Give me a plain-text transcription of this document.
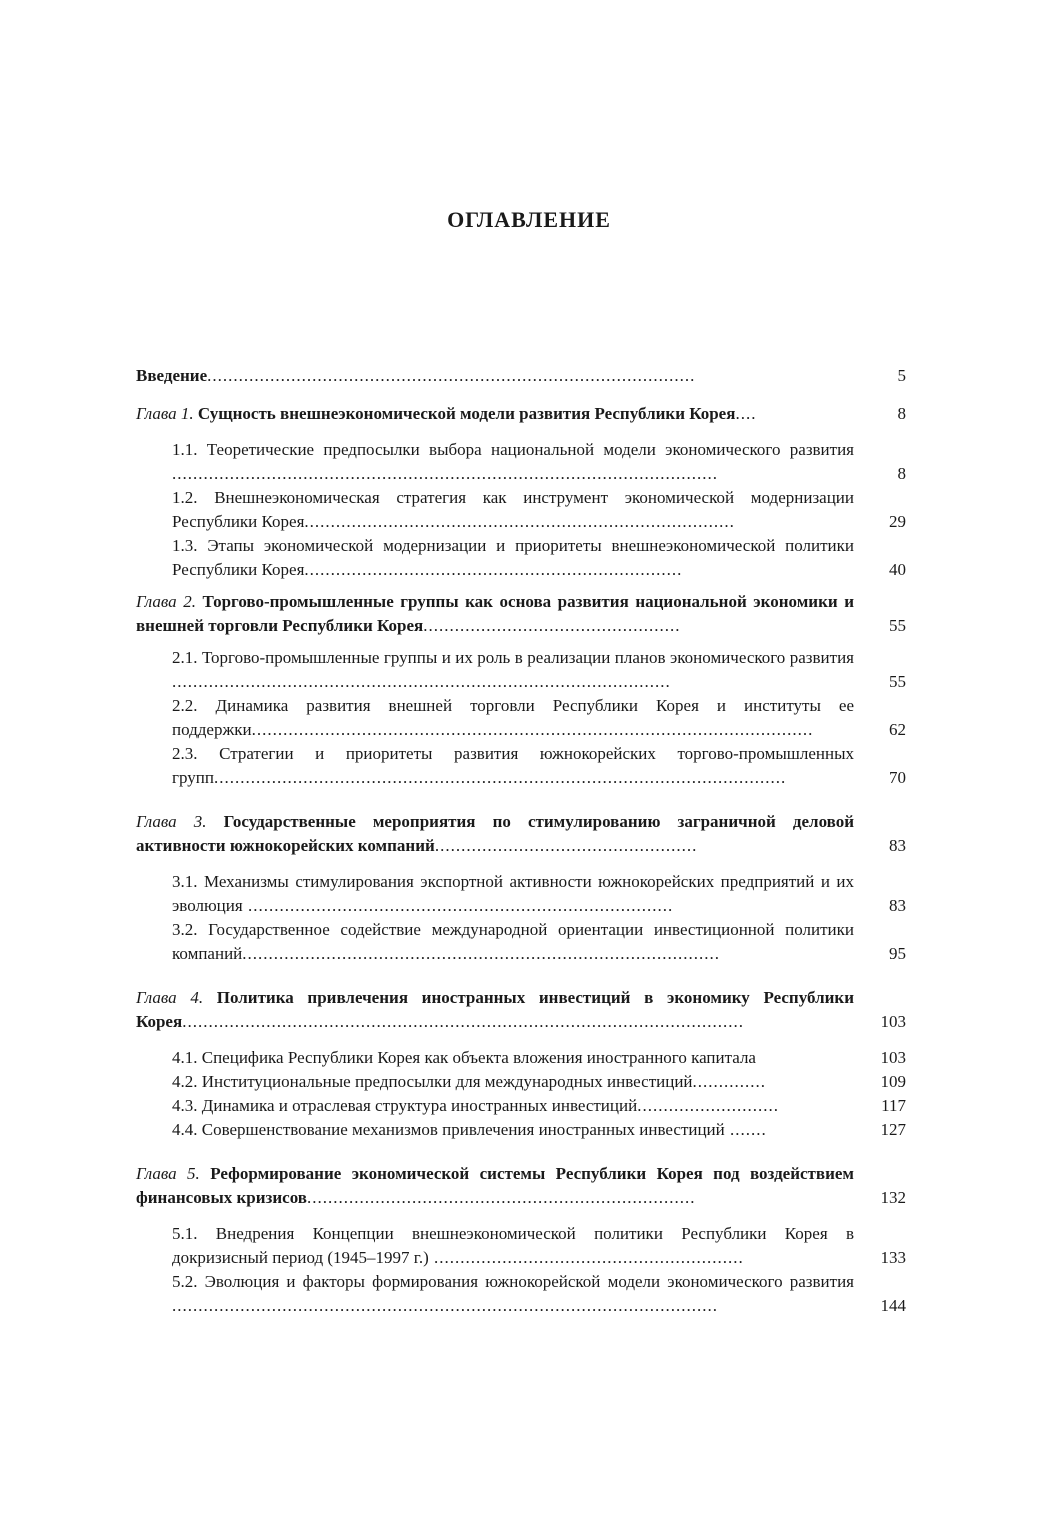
ОГЛАВЛЕНИЕ
Введение.............................................................................................	5
Глава 1. Сущность внешнеэкономической модели развития Республики Корея....	8
1.1. Теоретические предпосылки выбора национальной модели экономического развития ........................................................................................................	8
1.2. Внешнеэкономическая стратегия как инструмент экономической модернизации Республики Корея..................................................................................	29
1.3. Этапы экономической модернизации и приоритеты внешнеэкономической политики Республики Корея........................................................................	40
Глава 2. Торгово-промышленные группы как основа развития национальной экономики и внешней торговли Республики Корея.................................................	55
2.1. Торгово-промышленные группы и их роль в реализации планов экономического развития ...............................................................................................	55
2.2. Динамика развития внешней торговли Республики Корея и институты ее поддержки...........................................................................................................	62
2.3. Стратегии и приоритеты развития южнокорейских торгово-промышленных групп.............................................................................................................	70
Глава 3. Государственные мероприятия по стимулированию заграничной деловой активности южнокорейских компаний..................................................	83
3.1. Механизмы стимулирования экспортной активности южнокорейских предприятий и их эволюция .................................................................................	83
3.2. Государственное содействие международной ориентации инвестиционной политики компаний...........................................................................................	95
Глава 4. Политика привлечения иностранных инвестиций в экономику Республики Корея...........................................................................................................	103
4.1. Специфика Республики Корея как объекта вложения иностранного капитала	103
4.2. Институциональные предпосылки для международных инвестиций..............	109
4.3. Динамика и отраслевая структура иностранных инвестиций...........................	117
4.4. Совершенствование механизмов привлечения иностранных инвестиций .......	127
Глава 5. Реформирование экономической системы Республики Корея под воздействием финансовых кризисов..........................................................................	132
5.1. Внедрения Концепции внешнеэкономической политики Республики Корея в докризисный период (1945–1997 г.) ...........................................................	133
5.2. Эволюция и факторы формирования южнокорейской модели экономического развития ........................................................................................................	144
